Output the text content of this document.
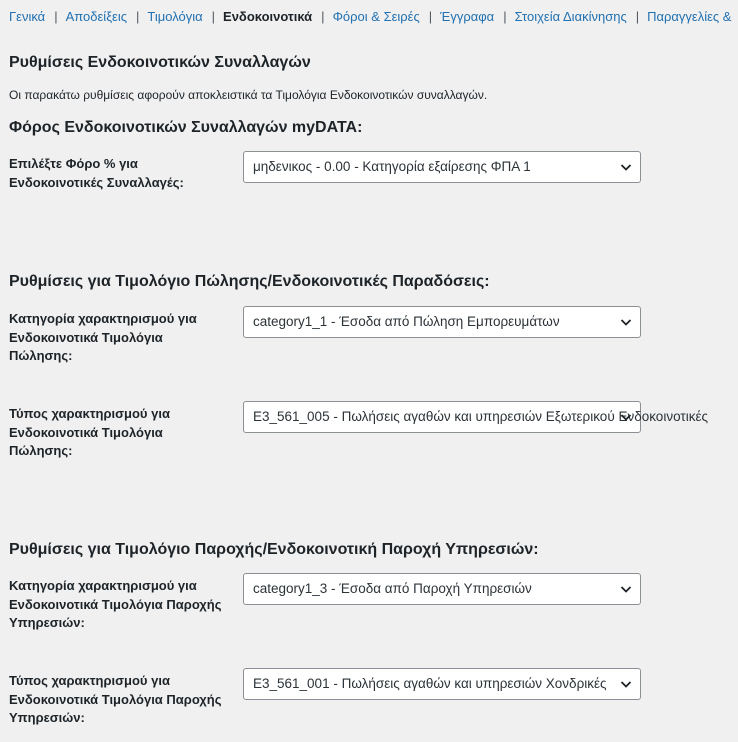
Γενικά | Αποδείξεις | Τιμολόγια | Ενδοκοινοτικά | Φόροι & Σειρές | Έγγραφα | Στοιχεία Διακίνησης | Παραγγελίες &
Ρυθμίσεις Ενδοκοινοτικών Συναλλαγών

Οι παρακάτω ρυθμίσεις αφορούν αποκλειστικά τα Τιμολόγια Ενδοκοινοτικών συναλλαγών.

Φόρος Ενδοκοινοτικών Συναλλαγών myDATA:
Επιλέξτε Φόρο % για Ενδοκοινοτικές Συναλλαγές:
μηδενικος - 0.00 - Κατηγορία εξαίρεσης ΦΠΑ 1
Ρυθμίσεις για Τιμολόγιο Πώλησης/Ενδοκοινοτικές Παραδόσεις:
Κατηγορία χαρακτηρισμού για Ενδοκοινοτικά Τιμολόγια Πώλησης:
category1_1 - Έσοδα από Πώληση Εμπορευμάτων
Τύπος χαρακτηρισμού για Ενδοκοινοτικά Τιμολόγια Πώλησης:
E3_561_005 - Πωλήσεις αγαθών και υπηρεσιών Εξωτερικού Ενδοκοινοτικές
Ρυθμίσεις για Τιμολόγιο Παροχής/Ενδοκοινοτική Παροχή Υπηρεσιών:
Κατηγορία χαρακτηρισμού για Ενδοκοινοτικά Τιμολόγια Παροχής Υπηρεσιών:
category1_3 - Έσοδα από Παροχή Υπηρεσιών
Τύπος χαρακτηρισμού για Ενδοκοινοτικά Τιμολόγια Παροχής Υπηρεσιών:
E3_561_001 - Πωλήσεις αγαθών και υπηρεσιών Χονδρικές
